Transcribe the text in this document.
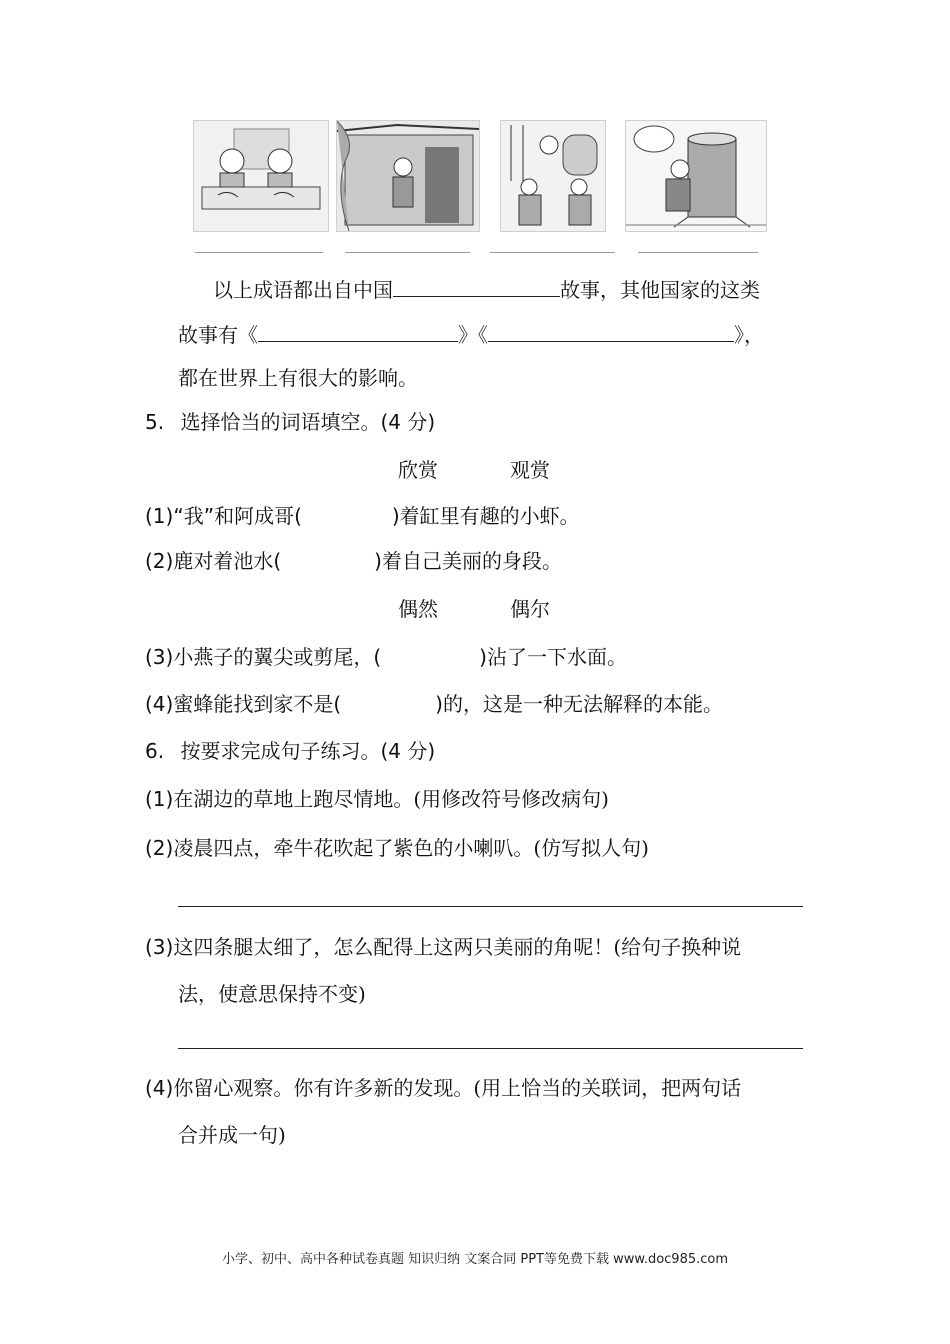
以上成语都出自中国	故事，其他国家的这类
故事有《	》《	》，
都在世界上有很大的影响。
5. 选择恰当的词语填空。(4 分)
欣赏	观赏
(1)“我”和阿成哥(	)着缸里有趣的小虾。
(2)鹿对着池水(	)着自己美丽的身段。
偶然	偶尔
(3)小燕子的翼尖或剪尾，(	)沾了一下水面。
(4)蜜蜂能找到家不是(	)的，这是一种无法解释的本能。
6. 按要求完成句子练习。(4 分)
(1)在湖边的草地上跑尽情地。(用修改符号修改病句)
(2)凌晨四点，牵牛花吹起了紫色的小喇叭。(仿写拟人句)
(3)这四条腿太细了，怎么配得上这两只美丽的角呢！(给句子换种说
法，使意思保持不变)
(4)你留心观察。你有许多新的发现。(用上恰当的关联词，把两句话
合并成一句)
小学、初中、高中各种试卷真题 知识归纳 文案合同 PPT等免费下载 www.doc985.com
